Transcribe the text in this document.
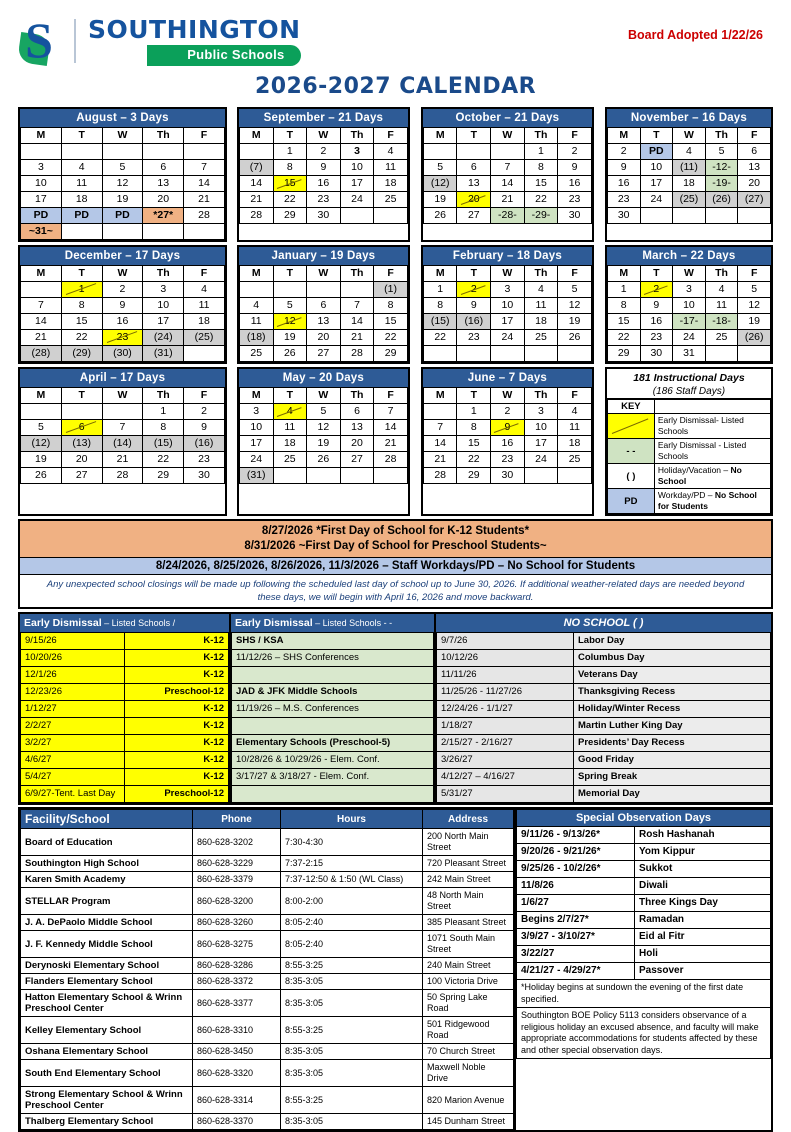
S	SOUTHINGTON
Public Schools
Board Adopted 1/22/26
2026-2027 CALENDAR
August – 3 Days
M	T	W	Th	F

3	4	5	6	7
10	11	12	13	14
17	18	19	20	21
PD	PD	PD	*27*	28
~31~				
September – 21 Days
M	T	W	Th	F
	1	2	3	4
(7)	8	9	10	11
14	15	16	17	18
21	22	23	24	25
28	29	30		
October – 21 Days
M	T	W	Th	F
			1	2
5	6	7	8	9
(12)	13	14	15	16
19	20	21	22	23
26	27	-28-	-29-	30
November – 16 Days
M	T	W	Th	F
2	PD	4	5	6
9	10	(11)	-12-	13
16	17	18	-19-	20
23	24	(25)	(26)	(27)
30				
December – 17 Days
M	T	W	Th	F
	1	2	3	4
7	8	9	10	11
14	15	16	17	18
21	22	23	(24)	(25)
(28)	(29)	(30)	(31)	
January – 19 Days
M	T	W	Th	F
				(1)
4	5	6	7	8
11	12	13	14	15
(18)	19	20	21	22
25	26	27	28	29
February – 18 Days
M	T	W	Th	F
1	2	3	4	5
8	9	10	11	12
(15)	(16)	17	18	19
22	23	24	25	26

March – 22 Days
M	T	W	Th	F
1	2	3	4	5
8	9	10	11	12
15	16	-17-	-18-	19
22	23	24	25	(26)
29	30	31		
April – 17 Days
M	T	W	Th	F
			1	2
5	6	7	8	9
(12)	(13)	(14)	(15)	(16)
19	20	21	22	23
26	27	28	29	30
May – 20 Days
M	T	W	Th	F
3	4	5	6	7
10	11	12	13	14
17	18	19	20	21
24	25	26	27	28
(31)				
June – 7 Days
M	T	W	Th	F
	1	2	3	4
7	8	9	10	11
14	15	16	17	18
21	22	23	24	25
28	29	30		
181 Instructional Days
(186 Staff Days)
KEY	
	Early Dismissal- Listed Schools
- -	Early Dismissal - Listed Schools
( )	Holiday/Vacation – No School
PD	Workday/PD – No School for Students
8/27/2026 *First Day of School for K-12 Students*
8/31/2026 ~First Day of School for Preschool Students~
8/24/2026, 8/25/2026, 8/26/2026, 11/3/2026 – Staff Workdays/PD – No School for Students
Any unexpected school closings will be made up following the scheduled last day of school up to June 30, 2026. If additional weather-related days are needed beyond these days, we will begin with April 16, 2026 and move backward.
Early Dismissal – Listed Schools /
9/15/26	K-12
10/20/26	K-12
12/1/26	K-12
12/23/26	Preschool-12
1/12/27	K-12
2/2/27	K-12
3/2/27	K-12
4/6/27	K-12
5/4/27	K-12
6/9/27-Tent. Last Day	Preschool-12
Early Dismissal – Listed Schools - -
SHS / KSA
11/12/26 – SHS Conferences

JAD & JFK Middle Schools
11/19/26 – M.S. Conferences

Elementary Schools (Preschool-5)
10/28/26 & 10/29/26 - Elem. Conf.
3/17/27 & 3/18/27 - Elem. Conf.

NO SCHOOL ( )
9/7/26	Labor Day
10/12/26	Columbus Day
11/11/26	Veterans Day
11/25/26 - 11/27/26	Thanksgiving Recess
12/24/26 - 1/1/27	Holiday/Winter Recess
1/18/27	Martin Luther King Day
2/15/27 - 2/16/27	Presidents’ Day Recess
3/26/27	Good Friday
4/12/27 – 4/16/27	Spring Break
5/31/27	Memorial Day
Facility/School	Phone	Hours	Address
Board of Education	860-628-3202	7:30-4:30	200 North Main Street
Southington High School	860-628-3229	7:37-2:15	720 Pleasant Street
Karen Smith Academy	860-628-3379	7:37-12:50 & 1:50 (WL Class)	242 Main Street
STELLAR Program	860-628-3200	8:00-2:00	48 North Main Street
J. A. DePaolo Middle School	860-628-3260	8:05-2:40	385 Pleasant Street
J. F. Kennedy Middle School	860-628-3275	8:05-2:40	1071 South Main Street
Derynoski Elementary School	860-628-3286	8:55-3:25	240 Main Street
Flanders Elementary School	860-628-3372	8:35-3:05	100 Victoria Drive
Hatton Elementary School & Wrinn Preschool Center	860-628-3377	8:35-3:05	50 Spring Lake Road
Kelley Elementary School	860-628-3310	8:55-3:25	501 Ridgewood Road
Oshana Elementary School	860-628-3450	8:35-3:05	70 Church Street
South End Elementary School	860-628-3320	8:35-3:05	Maxwell Noble Drive
Strong Elementary School & Wrinn Preschool Center	860-628-3314	8:55-3:25	820 Marion Avenue
Thalberg Elementary School	860-628-3370	8:35-3:05	145 Dunham Street
Special Observation Days	
9/11/26 - 9/13/26*	Rosh Hashanah
9/20/26 - 9/21/26*	Yom Kippur
9/25/26 - 10/2/26*	Sukkot
11/8/26	Diwali
1/6/27	Three Kings Day
Begins 2/7/27*	Ramadan
3/9/27 - 3/10/27*	Eid al Fitr
3/22/27	Holi
4/21/27 - 4/29/27*	Passover
*Holiday begins at sundown the evening of the first date specified.	
Southington BOE Policy 5113 considers observance of a religious holiday an excused absence, and faculty will make appropriate accommodations for students affected by these and other special observation days.	
